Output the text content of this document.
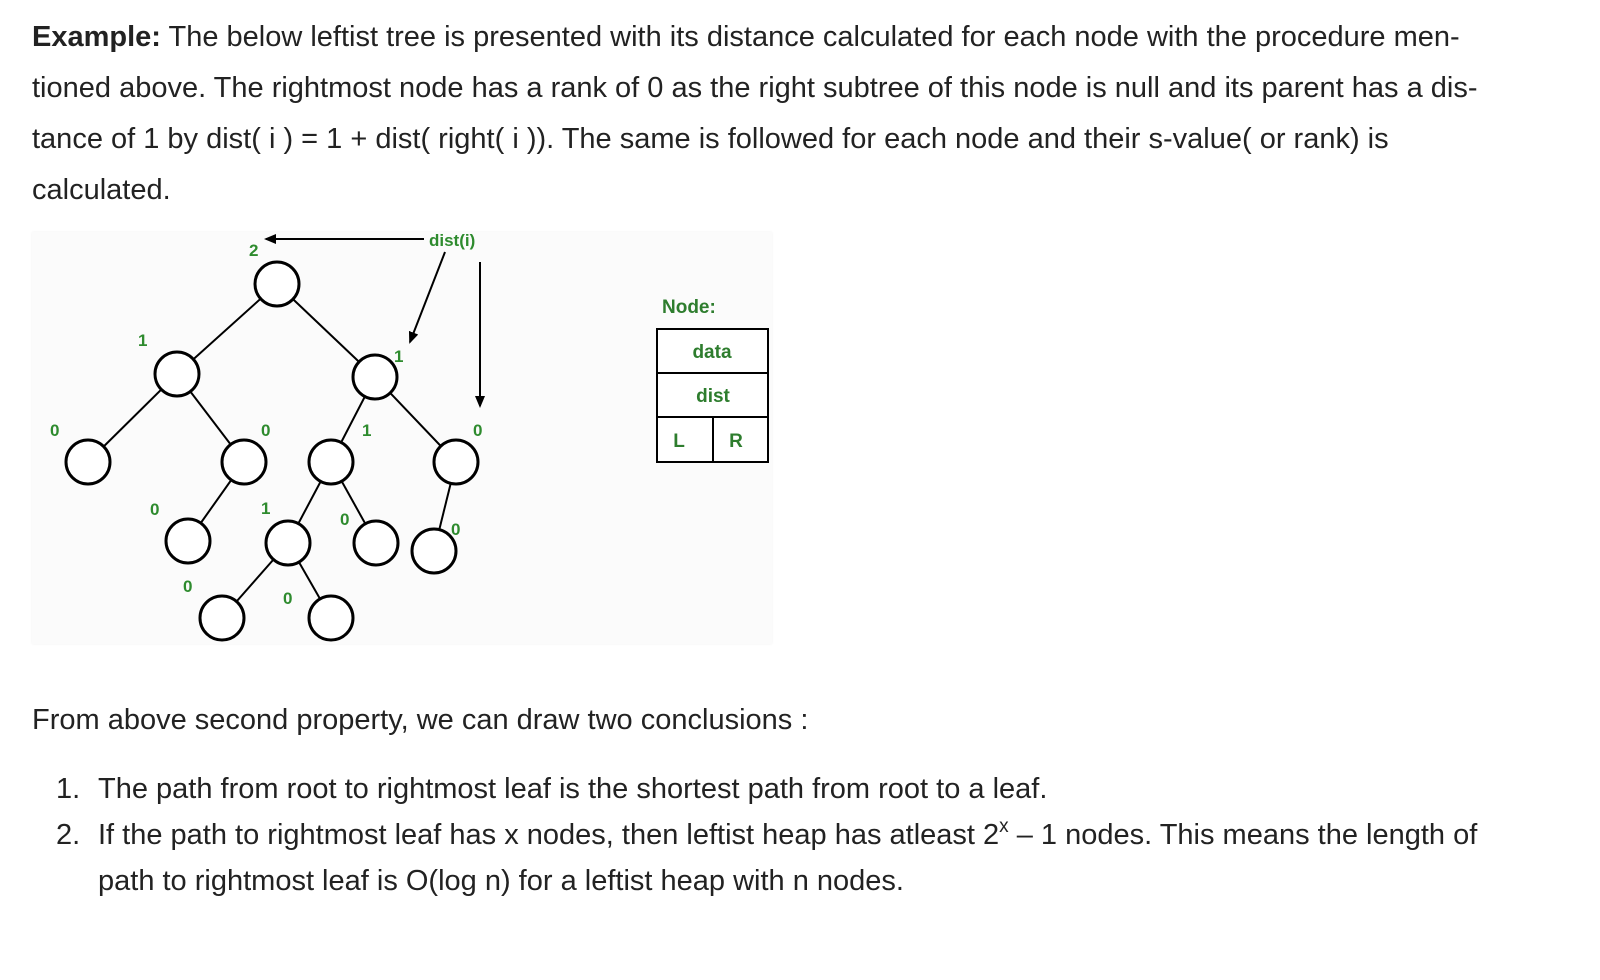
Example: The below leftist tree is presented with its distance calculated for each node with the procedure men-
tioned above. The rightmost node has a rank of 0 as the right subtree of this node is null and its parent has a dis-
tance of 1 by dist( i ) = 1 + dist( right( i )). The same is followed for each node and their s-value( or rank) is
calculated.
2
1
1
0	0	1	0
0	1
0
0
0
0
dist(i)
Node:
data
dist
L R

From above second property, we can draw two conclusions :

1. The path from root to rightmost leaf is the shortest path from root to a leaf.
2. If the path to rightmost leaf has x nodes, then leftist heap has atleast 2$^x$ – 1 nodes. This means the length of
path to rightmost leaf is O(log n) for a leftist heap with n nodes.
